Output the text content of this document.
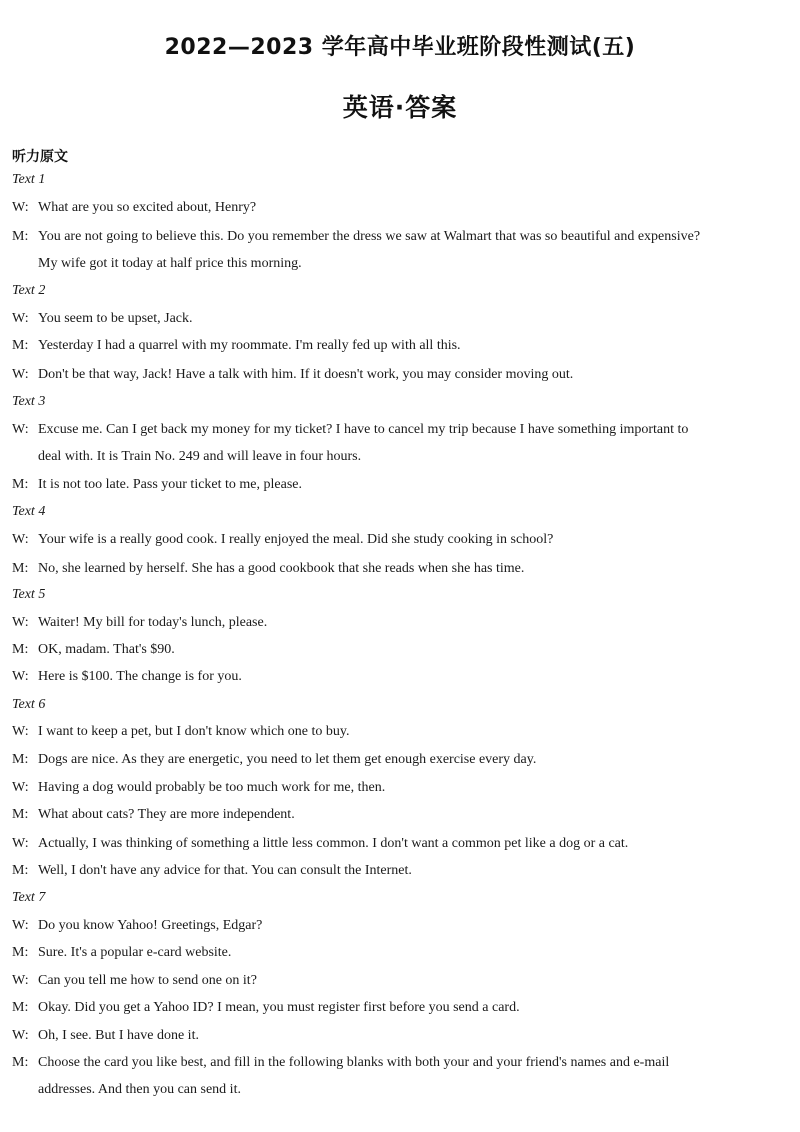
2022—2023 学年高中毕业班阶段性测试(五)
英语·答案
听力原文
Text 1
W: What are you so excited about, Henry?
M: You are not going to believe this. Do you remember the dress we saw at Walmart that was so beautiful and expensive?
My wife got it today at half price this morning.
Text 2
W: You seem to be upset, Jack.
M: Yesterday I had a quarrel with my roommate. I'm really fed up with all this.
W: Don't be that way, Jack! Have a talk with him. If it doesn't work, you may consider moving out.
Text 3
W: Excuse me. Can I get back my money for my ticket? I have to cancel my trip because I have something important to
deal with. It is Train No. 249 and will leave in four hours.
M: It is not too late. Pass your ticket to me, please.
Text 4
W: Your wife is a really good cook. I really enjoyed the meal. Did she study cooking in school?
M: No, she learned by herself. She has a good cookbook that she reads when she has time.
Text 5
W: Waiter! My bill for today's lunch, please.
M: OK, madam. That's $90.
W: Here is $100. The change is for you.
Text 6
W: I want to keep a pet, but I don't know which one to buy.
M: Dogs are nice. As they are energetic, you need to let them get enough exercise every day.
W: Having a dog would probably be too much work for me, then.
M: What about cats? They are more independent.
W: Actually, I was thinking of something a little less common. I don't want a common pet like a dog or a cat.
M: Well, I don't have any advice for that. You can consult the Internet.
Text 7
W: Do you know Yahoo! Greetings, Edgar?
M: Sure. It's a popular e-card website.
W: Can you tell me how to send one on it?
M: Okay. Did you get a Yahoo ID? I mean, you must register first before you send a card.
W: Oh, I see. But I have done it.
M: Choose the card you like best, and fill in the following blanks with both your and your friend's names and e-mail
addresses. And then you can send it.
